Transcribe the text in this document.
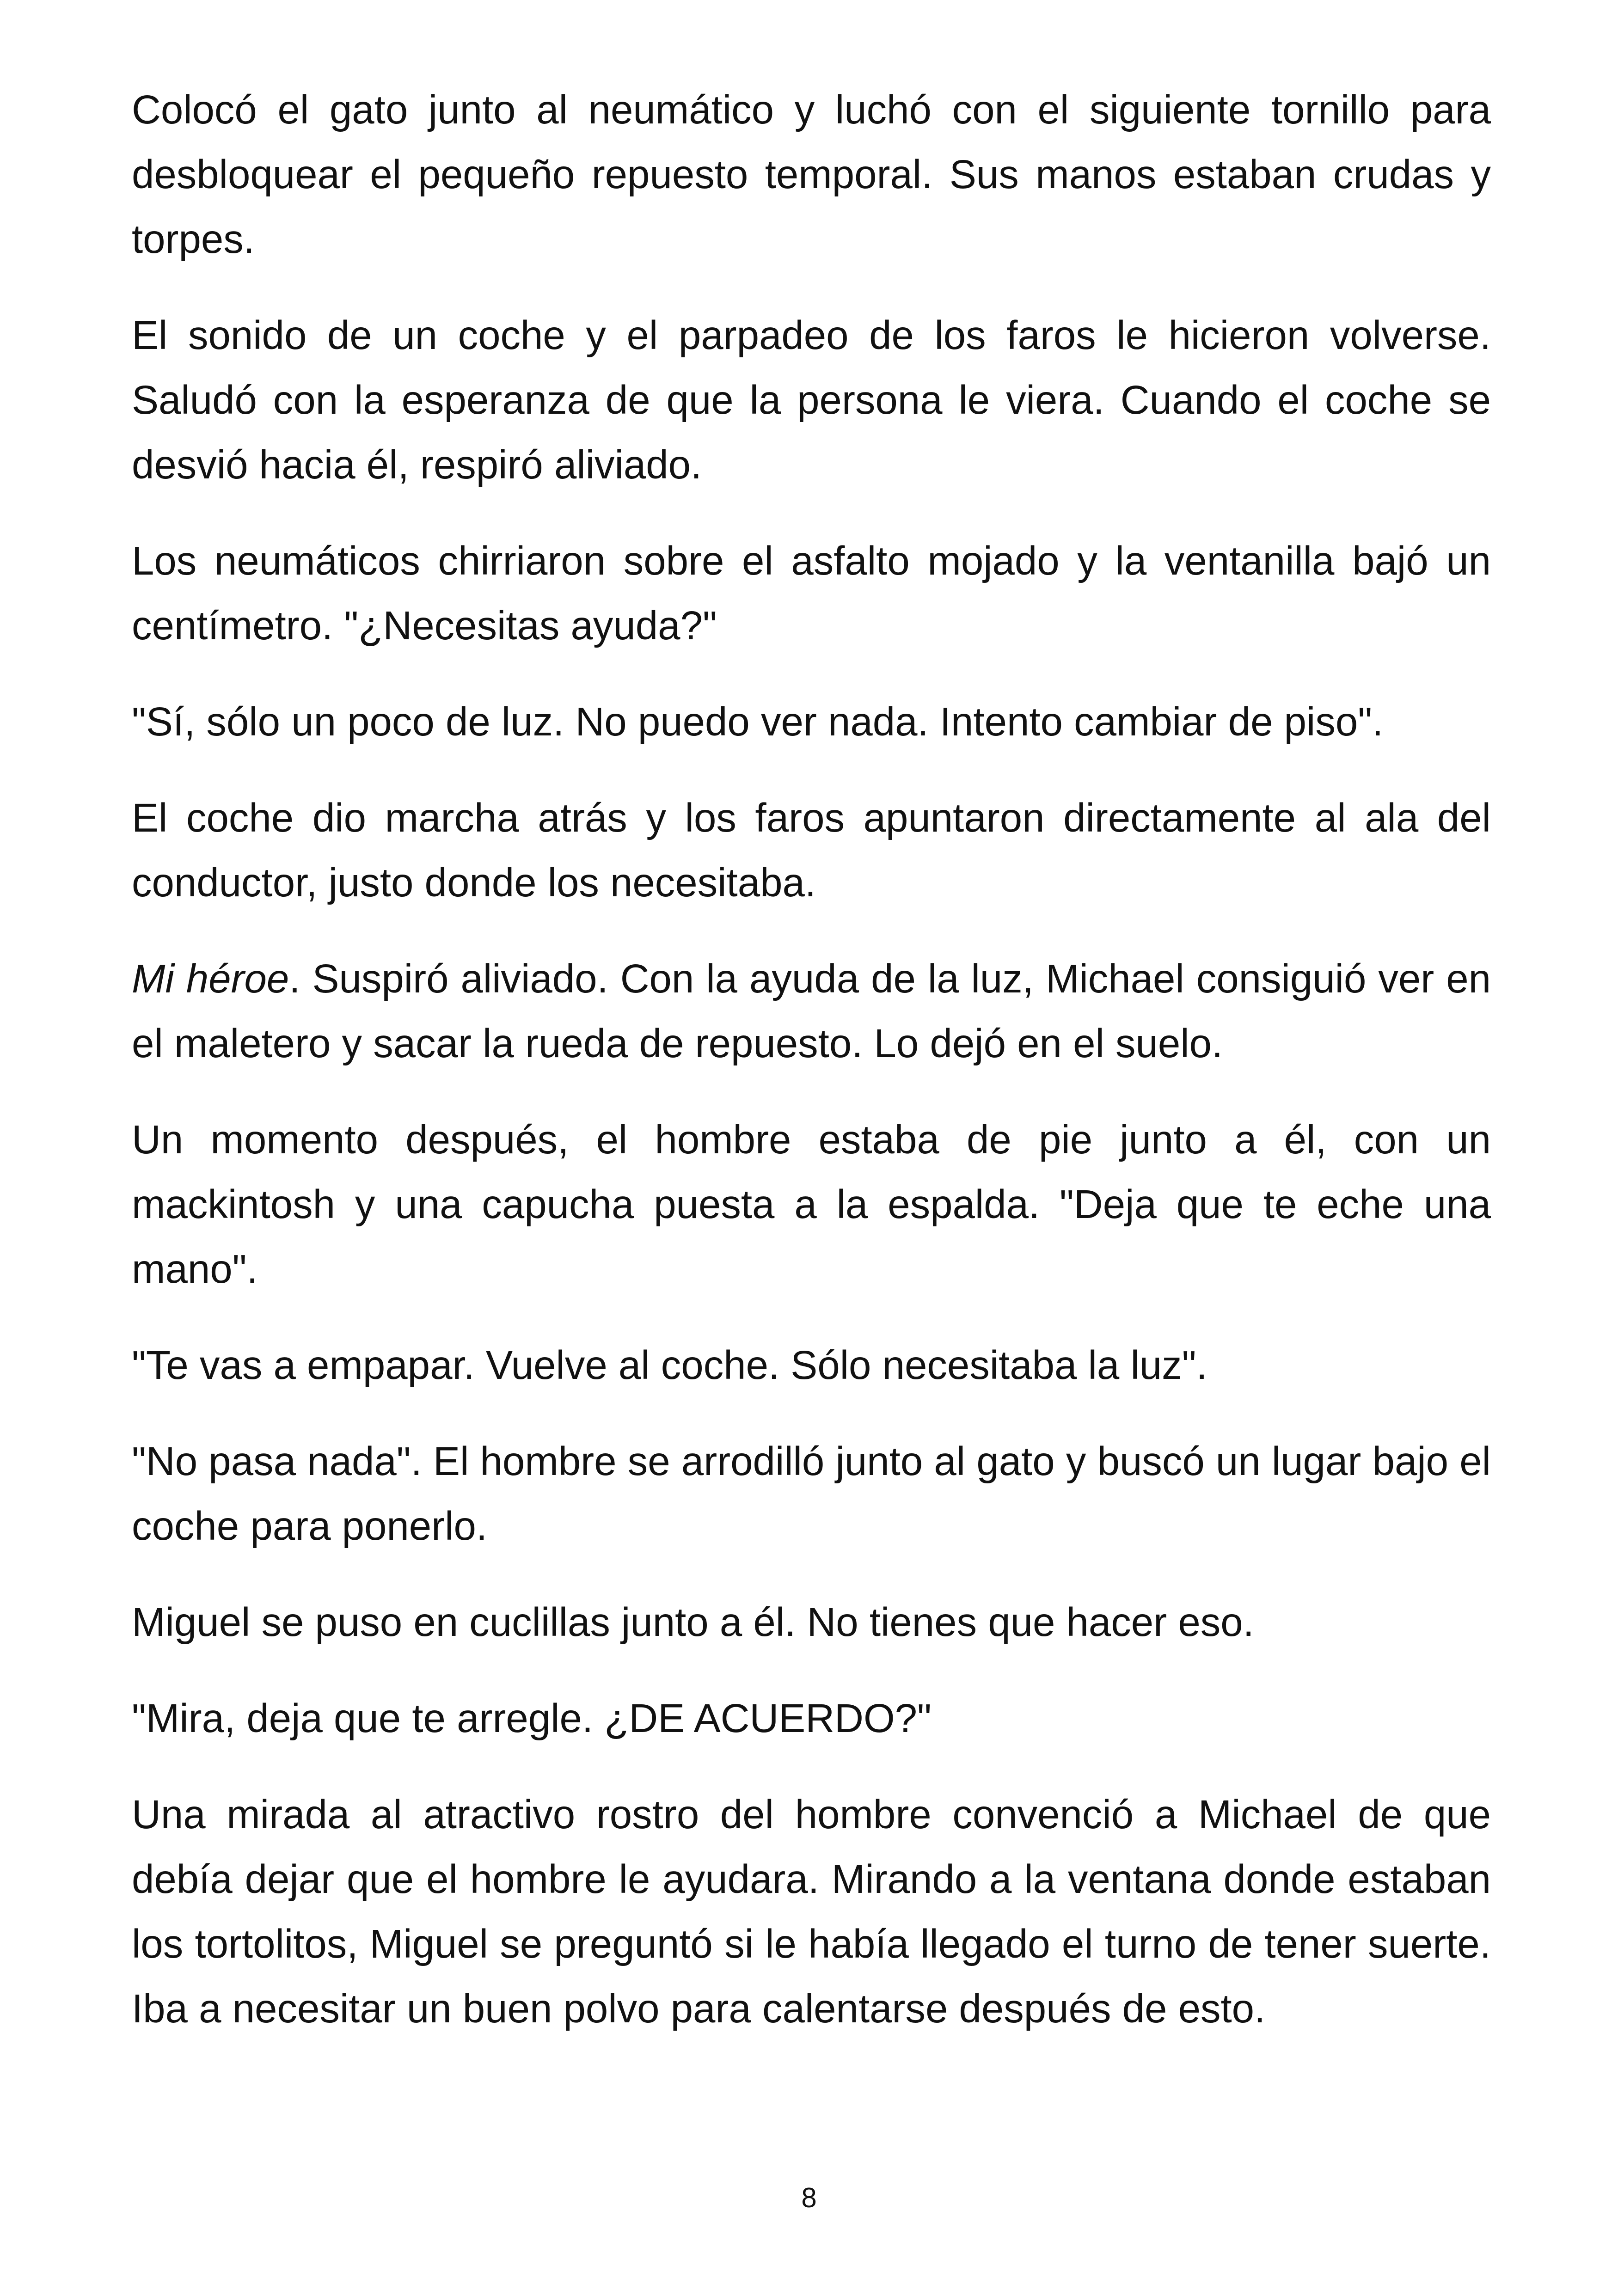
Colocó el gato junto al neumático y luchó con el siguiente tornillo para desbloquear el pequeño repuesto temporal. Sus manos estaban crudas y torpes.

El sonido de un coche y el parpadeo de los faros le hicieron volverse. Saludó con la esperanza de que la persona le viera. Cuando el coche se desvió hacia él, respiró aliviado.

Los neumáticos chirriaron sobre el asfalto mojado y la ventanilla bajó un centímetro. "¿Necesitas ayuda?"

"Sí, sólo un poco de luz. No puedo ver nada. Intento cambiar de piso".

El coche dio marcha atrás y los faros apuntaron directamente al ala del conductor, justo donde los necesitaba.

Mi héroe. Suspiró aliviado. Con la ayuda de la luz, Michael consiguió ver en el maletero y sacar la rueda de repuesto. Lo dejó en el suelo.

Un momento después, el hombre estaba de pie junto a él, con un mackintosh y una capucha puesta a la espalda. "Deja que te eche una mano".

"Te vas a empapar. Vuelve al coche. Sólo necesitaba la luz".

"No pasa nada". El hombre se arrodilló junto al gato y buscó un lugar bajo el coche para ponerlo.

Miguel se puso en cuclillas junto a él. No tienes que hacer eso.

"Mira, deja que te arregle. ¿DE ACUERDO?"

Una mirada al atractivo rostro del hombre convenció a Michael de que debía dejar que el hombre le ayudara. Mirando a la ventana donde estaban los tortolitos, Miguel se preguntó si le había llegado el turno de tener suerte. Iba a necesitar un buen polvo para calentarse después de esto.

8
